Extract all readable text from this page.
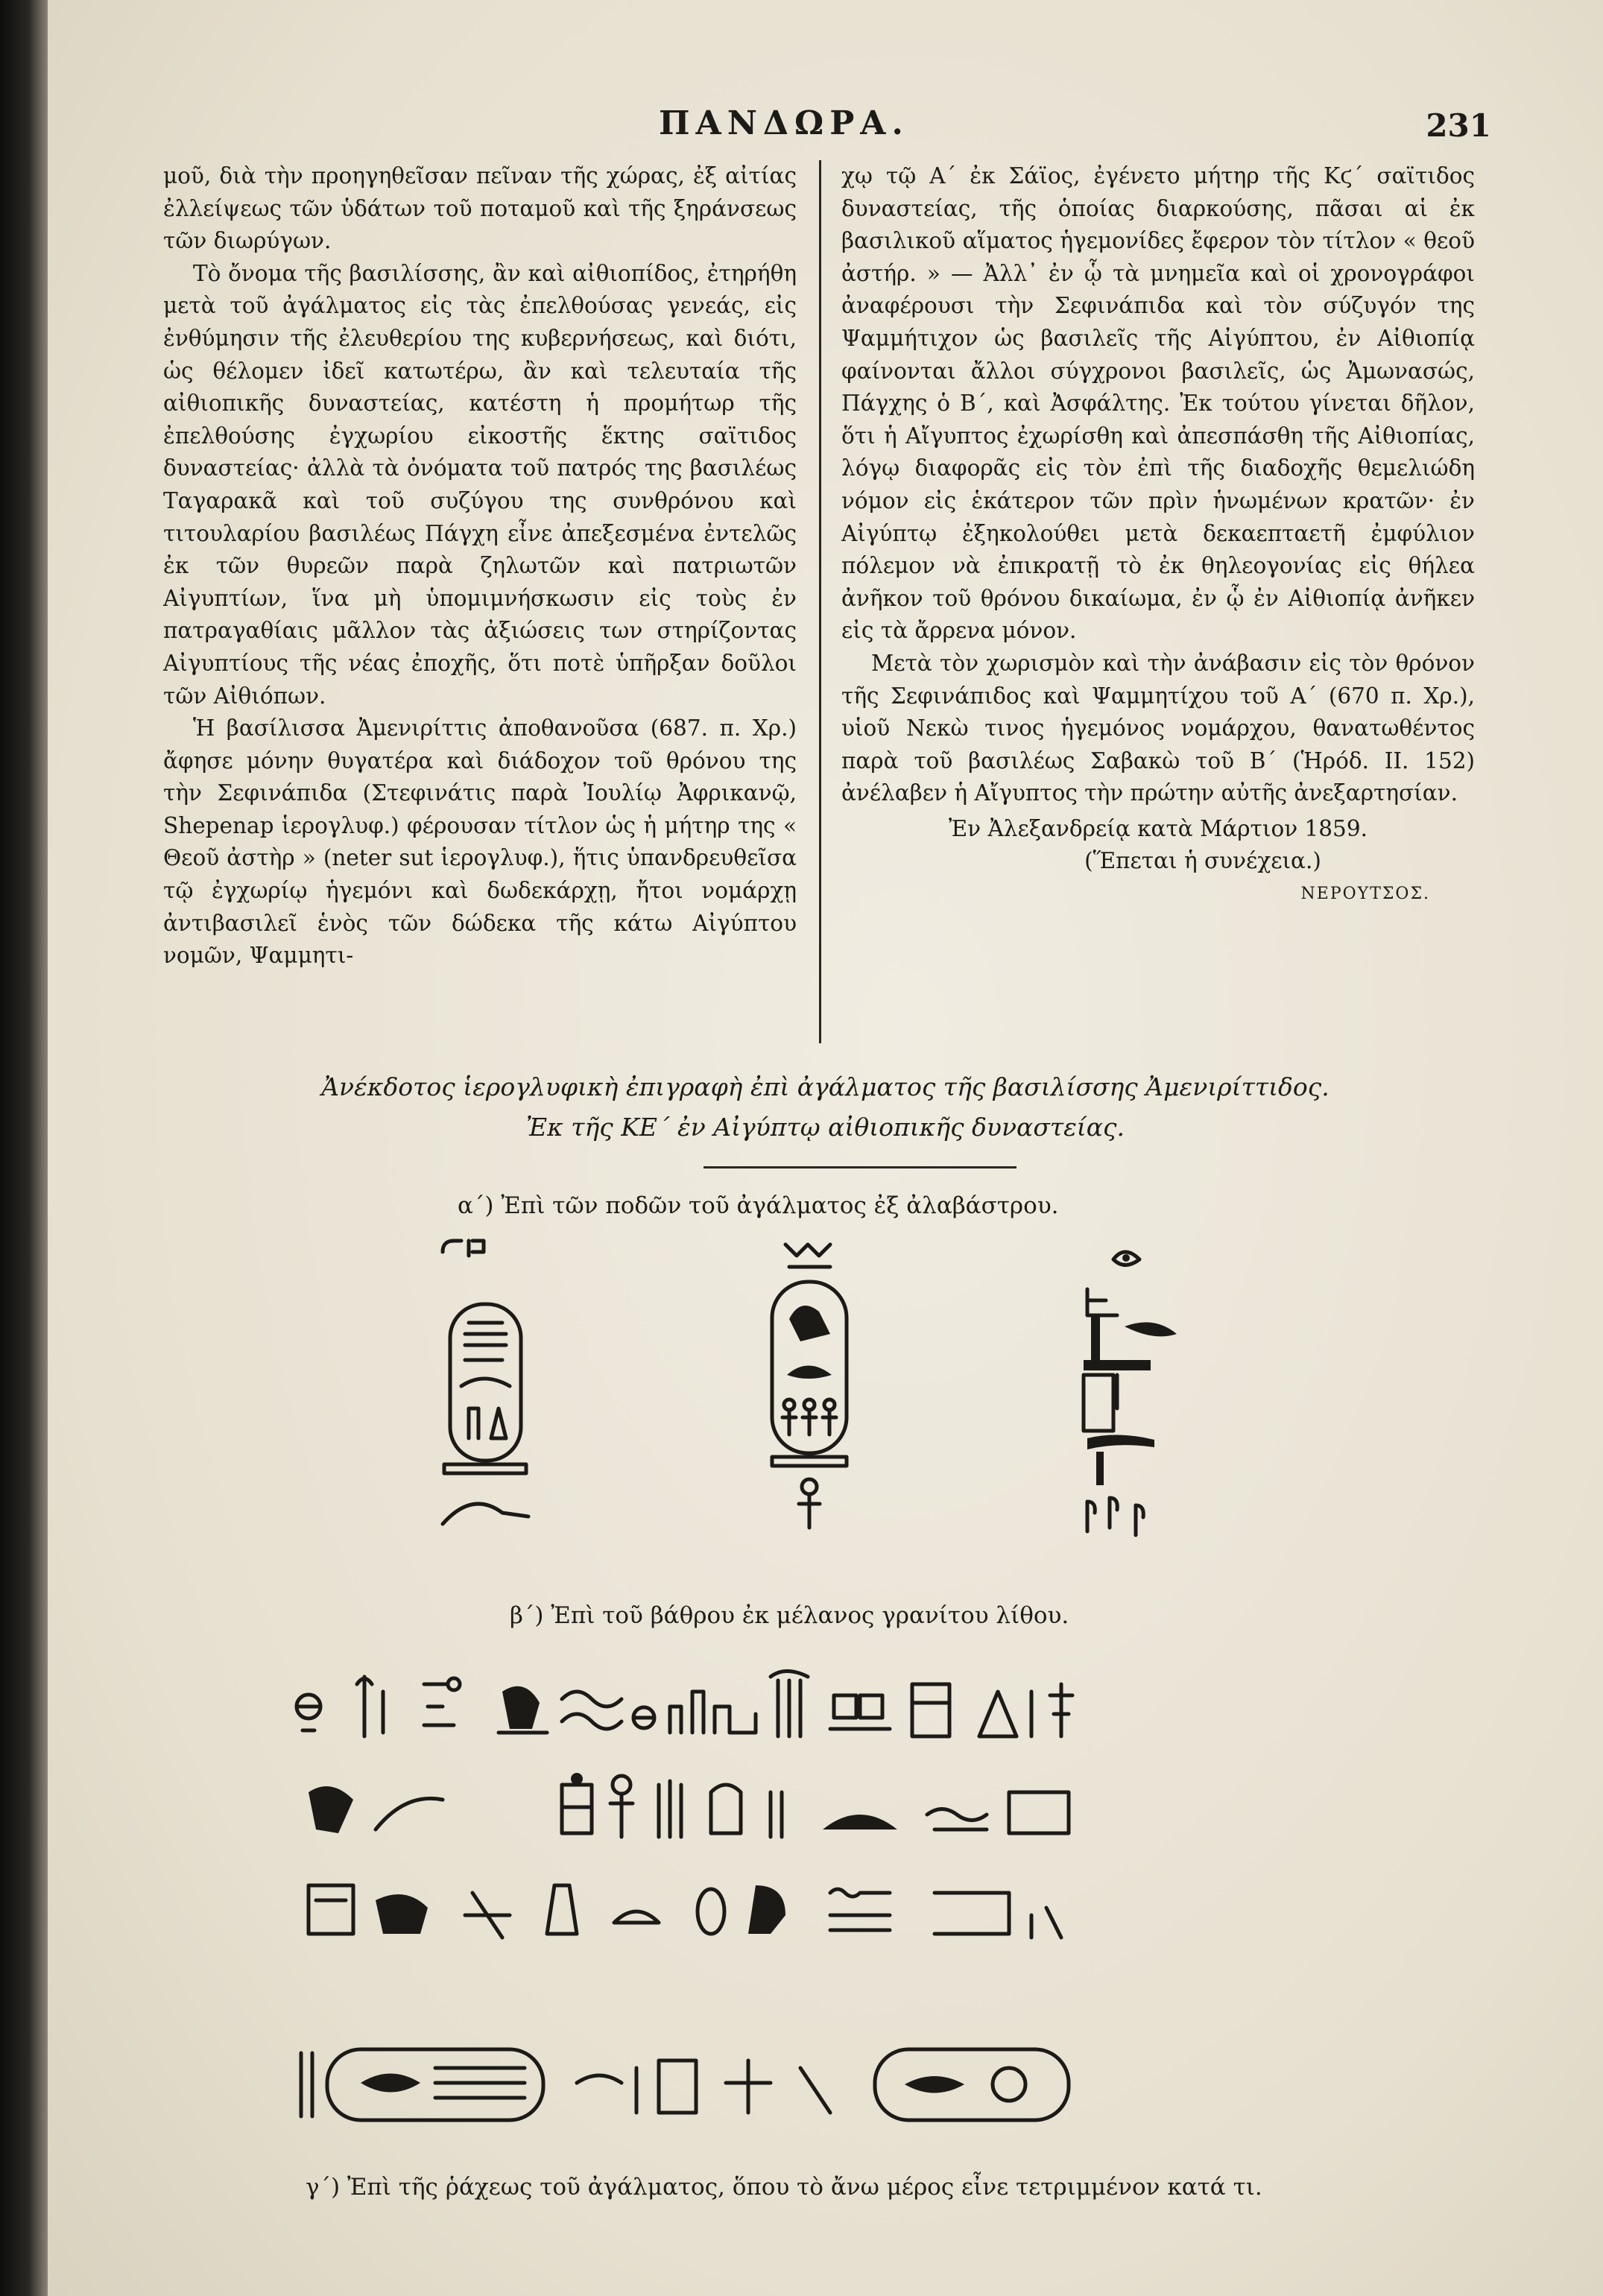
ΠΑΝΔΩΡΑ.	231

μοῦ, διὰ τὴν προηγηθεῖσαν πεῖναν τῆς χώρας, ἐξ αἰτίας ἐλλείψεως τῶν ὑδάτων τοῦ ποταμοῦ καὶ τῆς ξηράνσεως τῶν διωρύγων.

Τὸ ὄνομα τῆς βασιλίσσης, ἂν καὶ αἰθιοπίδος, ἐτηρήθη μετὰ τοῦ ἀγάλματος εἰς τὰς ἐπελθούσας γενεάς, εἰς ἐνθύμησιν τῆς ἐλευθερίου της κυβερνήσεως, καὶ διότι, ὡς θέλομεν ἰδεῖ κατωτέρω, ἂν καὶ τελευταία τῆς αἰθιοπικῆς δυναστείας, κατέστη ἡ προμήτωρ τῆς ἐπελθούσης ἐγχωρίου εἰκοστῆς ἕκτης σαϊτιδος δυναστείας· ἀλλὰ τὰ ὀνόματα τοῦ πατρός της βασιλέως Ταγαρακᾶ καὶ τοῦ συζύγου της συνθρόνου καὶ τιτουλαρίου βασιλέως Πάγχη εἶνε ἀπεξεσμένα ἐντελῶς ἐκ τῶν θυρεῶν παρὰ ζηλωτῶν καὶ πατριωτῶν Αἰγυπτίων, ἵνα μὴ ὑπομιμνήσκωσιν εἰς τοὺς ἐν πατραγαθίαις μᾶλλον τὰς ἀξιώσεις των στηρίζοντας Αἰγυπτίους τῆς νέας ἐποχῆς, ὅτι ποτὲ ὑπῆρξαν δοῦλοι τῶν Αἰθιόπων.

Ἡ βασίλισσα Ἀμενιρίττις ἀποθανοῦσα (687. π. Χρ.) ἄφησε μόνην θυγατέρα καὶ διάδοχον τοῦ θρόνου της τὴν Σεφινάπιδα (Στεφινάτις παρὰ Ἰουλίῳ Ἀφρικανῷ, Shepenap ἱερογλυφ.) φέρουσαν τίτλον ὡς ἡ μήτηρ της « Θεοῦ ἀστὴρ » (neter sut ἱερογλυφ.), ἥτις ὑπανδρευθεῖσα τῷ ἐγχωρίῳ ἡγεμόνι καὶ δωδεκάρχῃ, ἤτοι νομάρχῃ ἀντιβασιλεῖ ἑνὸς τῶν δώδεκα τῆς κάτω Αἰγύπτου νομῶν, Ψαμμητι-

χῳ τῷ Α΄ ἐκ Σάϊος, ἐγένετο μήτηρ τῆς Κϛ΄ σαϊτιδος δυναστείας, τῆς ὁποίας διαρκούσης, πᾶσαι αἱ ἐκ βασιλικοῦ αἵματος ἡγεμονίδες ἔφερον τὸν τίτλον « θεοῦ ἀστήρ. » — Ἀλλ᾽ ἐν ᾧ τὰ μνημεῖα καὶ οἱ χρονογράφοι ἀναφέρουσι τὴν Σεφινάπιδα καὶ τὸν σύζυγόν της Ψαμμήτιχον ὡς βασιλεῖς τῆς Αἰγύπτου, ἐν Αἰθιοπίᾳ φαίνονται ἄλλοι σύγχρονοι βασιλεῖς, ὡς Ἀμωνασώς, Πάγχης ὁ Β΄, καὶ Ἀσφάλτης. Ἐκ τούτου γίνεται δῆλον, ὅτι ἡ Αἴγυπτος ἐχωρίσθη καὶ ἀπεσπάσθη τῆς Αἰθιοπίας, λόγῳ διαφορᾶς εἰς τὸν ἐπὶ τῆς διαδοχῆς θεμελιώδη νόμον εἰς ἑκάτερον τῶν πρὶν ἡνωμένων κρατῶν· ἐν Αἰγύπτῳ ἐξηκολούθει μετὰ δεκαεπταετῆ ἐμφύλιον πόλεμον νὰ ἐπικρατῇ τὸ ἐκ θηλεογονίας εἰς θήλεα ἀνῆκον τοῦ θρόνου δικαίωμα, ἐν ᾧ ἐν Αἰθιοπίᾳ ἀνῆκεν εἰς τὰ ἄρρενα μόνον.

Μετὰ τὸν χωρισμὸν καὶ τὴν ἀνάβασιν εἰς τὸν θρόνον τῆς Σεφινάπιδος καὶ Ψαμμητίχου τοῦ Α΄ (670 π. Χρ.), υἱοῦ Νεκὼ τινος ἡγεμόνος νομάρχου, θανατωθέντος παρὰ τοῦ βασιλέως Σαβακὼ τοῦ Β΄ (Ἡρόδ. ΙΙ. 152) ἀνέλαβεν ἡ Αἴγυπτος τὴν πρώτην αὐτῆς ἀνεξαρτησίαν.

Ἐν Ἀλεξανδρείᾳ κατὰ Μάρτιον 1859.

(Ἕπεται ἡ συνέχεια.)

ΝΕΡΟΥΤΣΟΣ.

Ἀνέκδοτος ἱερογλυφικὴ ἐπιγραφὴ ἐπὶ ἀγάλματος τῆς βασιλίσσης Ἀμενιρίττιδος.
Ἐκ τῆς ΚΕ΄ ἐν Αἰγύπτῳ αἰθιοπικῆς δυναστείας.
α΄) Ἐπὶ τῶν ποδῶν τοῦ ἀγάλματος ἐξ ἀλαβάστρου.
β΄) Ἐπὶ τοῦ βάθρου ἐκ μέλανος γρανίτου λίθου.
γ΄) Ἐπὶ τῆς ῥάχεως τοῦ ἀγάλματος, ὅπου τὸ ἄνω μέρος εἶνε τετριμμένον κατά τι.
